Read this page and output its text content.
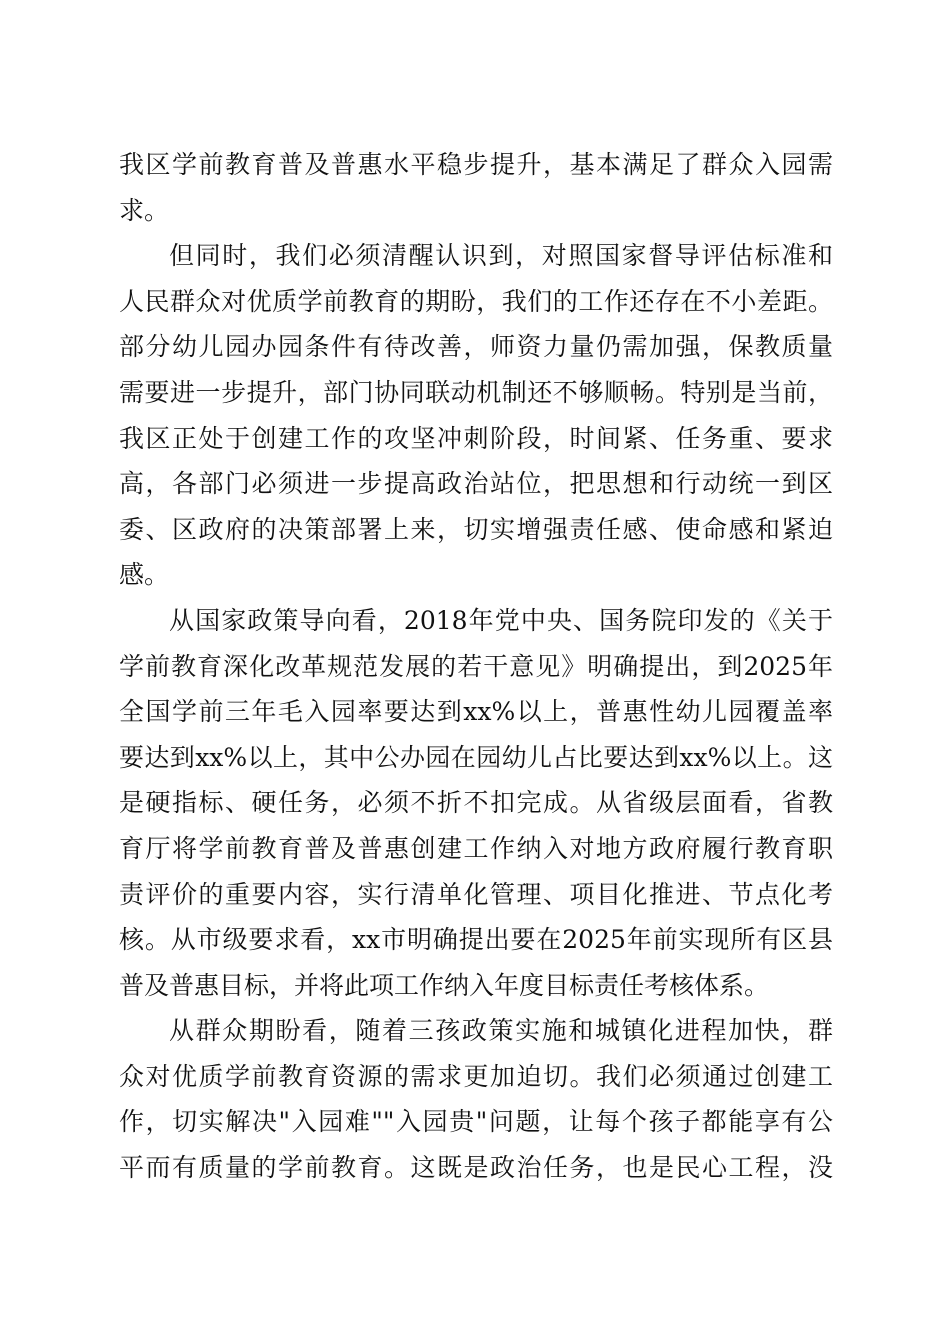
我区学前教育普及普惠水平稳步提升，基本满足了群众入园需
求。
但同时，我们必须清醒认识到，对照国家督导评估标准和
人民群众对优质学前教育的期盼，我们的工作还存在不小差距。
部分幼儿园办园条件有待改善，师资力量仍需加强，保教质量
需要进一步提升，部门协同联动机制还不够顺畅。特别是当前，
我区正处于创建工作的攻坚冲刺阶段，时间紧、任务重、要求
高，各部门必须进一步提高政治站位，把思想和行动统一到区
委、区政府的决策部署上来，切实增强责任感、使命感和紧迫
感。
从国家政策导向看，2018年党中央、国务院印发的《关于
学前教育深化改革规范发展的若干意见》明确提出，到2025年
全国学前三年毛入园率要达到xx%以上，普惠性幼儿园覆盖率
要达到xx%以上，其中公办园在园幼儿占比要达到xx%以上。这
是硬指标、硬任务，必须不折不扣完成。从省级层面看，省教
育厅将学前教育普及普惠创建工作纳入对地方政府履行教育职
责评价的重要内容，实行清单化管理、项目化推进、节点化考
核。从市级要求看，xx市明确提出要在2025年前实现所有区县
普及普惠目标，并将此项工作纳入年度目标责任考核体系。
从群众期盼看，随着三孩政策实施和城镇化进程加快，群
众对优质学前教育资源的需求更加迫切。我们必须通过创建工
作，切实解决"入园难""入园贵"问题，让每个孩子都能享有公
平而有质量的学前教育。这既是政治任务，也是民心工程，没
